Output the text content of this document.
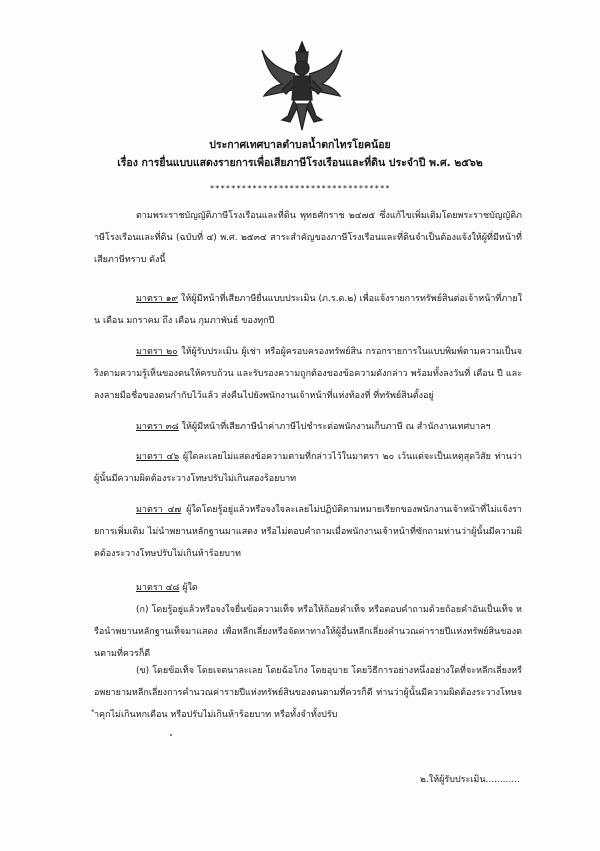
ประกาศเทศบาลตำบลน้ำตกไทรโยคน้อย
เรื่อง การยื่นแบบแสดงรายการเพื่อเสียภาษีโรงเรือนและที่ดิน ประจำปี พ.ศ. ๒๕๖๒
**********************************
ตามพระราชบัญญัติภาษีโรงเรือนและที่ดิน พุทธศักราช ๒๔๗๕ ซึ่งแก้ไขเพิ่มเติมโดยพระราชบัญญัติภาษีโรงเรือนและที่ดิน (ฉบับที่ ๔) พ.ศ. ๒๕๓๔ สาระสำคัญของภาษีโรงเรือนและที่ดินจำเป็นต้องแจ้งให้ผู้ที่มีหน้าที่เสียภาษีทราบ ดังนี้
มาตรา ๑๙ ให้ผู้มีหน้าที่เสียภาษียื่นแบบประเมิน (ภ.ร.ด.๒) เพื่อแจ้งรายการทรัพย์สินต่อเจ้าหน้าที่ภายใน เดือน มกราคม ถึง เดือน กุมภาพันธ์ ของทุกปี
มาตรา ๒๐ ให้ผู้รับประเมิน ผู้เช่า หรือผู้ครอบครองทรัพย์สิน กรอกรายการในแบบพิมพ์ตามความเป็นจริงตามความรู้เห็นของตนให้ครบถ้วน และรับรองความถูกต้องของข้อความดังกล่าว พร้อมทั้งลงวันที่ เดือน ปี และลงลายมือชื่อของตนกำกับไว้แล้ว ส่งคืนไปยังพนักงานเจ้าหน้าที่แห่งท้องที่ ที่ทรัพย์สินตั้งอยู่
มาตรา ๓๘ ให้ผู้มีหน้าที่เสียภาษีนำค่าภาษีไปชำระต่อพนักงานเก็บภาษี ณ สำนักงานเทศบาลฯ
มาตรา ๔๖ ผู้ใดละเลยไม่แสดงข้อความตามที่กล่าวไว้ในมาตรา ๒๐ เว้นแต่จะเป็นเหตุสุดวิสัย ท่านว่าผู้นั้นมีความผิดต้องระวางโทษปรับไม่เกินสองร้อยบาท
มาตรา ๔๗ ผู้ใดโดยรู้อยู่แล้วหรือจงใจละเลยไม่ปฏิบัติตามหมายเรียกของพนักงานเจ้าหน้าที่ไม่แจ้งรายการเพิ่มเติม ไม่นำพยานหลักฐานมาแสดง หรือไม่ตอบคำถามเมื่อพนักงานเจ้าหน้าที่ซักถามท่านว่าผู้นั้นมีความผิดต้องระวางโทษปรับไม่เกินห้าร้อยบาท
มาตรา ๔๘ ผู้ใด
(ก) โดยรู้อยู่แล้วหรือจงใจยื่นข้อความเท็จ หรือให้ถ้อยคำเท็จ หรือตอบคำถามด้วยถ้อยคำอันเป็นเท็จ หรือนำพยานหลักฐานเท็จมาแสดง เพื่อหลีกเลี่ยงหรือจัดหาทางให้ผู้อื่นหลีกเลี่ยงคำนวณค่ารายปีแห่งทรัพย์สินของตนตามที่ควรก็ดี
(ข) โดยข้อเท็จ โดยเจตนาละเลย โดยฉ้อโกง โดยอุบาย โดยวิธีการอย่างหนึ่งอย่างใดที่จะหลีกเลี่ยงหรือพยายามหลีกเลี่ยงการคำนวณค่ารายปีแห่งทรัพย์สินของตนตามที่ควรก็ดี ท่านว่าผู้นั้นมีความผิดต้องระวางโทษจำคุกไม่เกินหกเดือน หรือปรับไม่เกินห้าร้อยบาท หรือทั้งจำทั้งปรับ
๒.ให้ผู้รับประเมิน............
